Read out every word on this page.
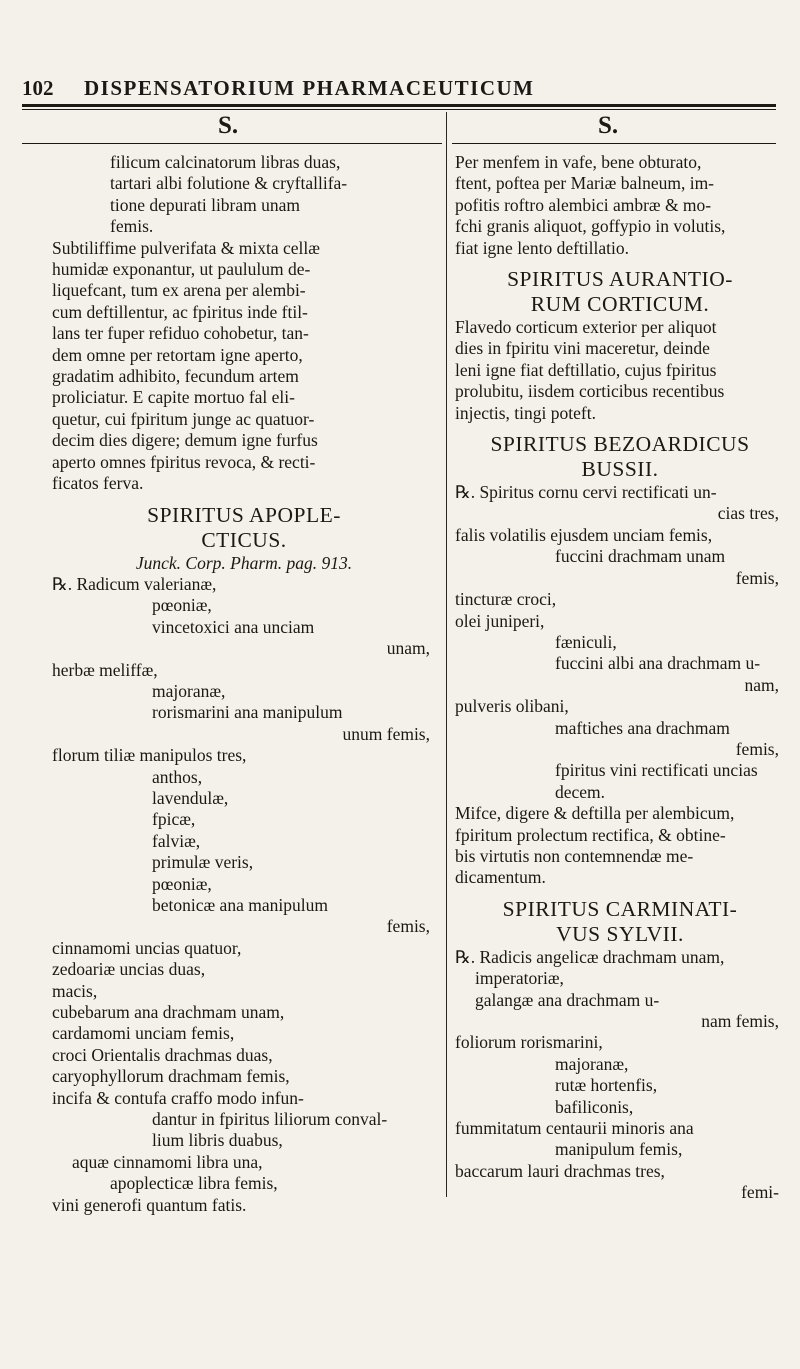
102 DISPENSATORIUM PHARMACEUTICUM
S.	S.

filicum calcinatorum libras duas,

tartari albi folutione & cryftallifa-

tione depurati libram unam

femis.

Subtiliffime pulverifata & mixta cellæ

humidæ exponantur, ut paululum de-

liquefcant, tum ex arena per alembi-

cum deftillentur, ac fpiritus inde ftil-

lans ter fuper refiduo cohobetur, tan-

dem omne per retortam igne aperto,

gradatim adhibito, fecundum artem

proliciatur. E capite mortuo fal eli-

quetur, cui fpiritum junge ac quatuor-

decim dies digere; demum igne furfus

aperto omnes fpiritus revoca, & recti-

ficatos ferva.

SPIRITUS APOPLE-

CTICUS.

Junck. Corp. Pharm. pag. 913.

℞. Radicum valerianæ,

pœoniæ,

vincetoxici ana unciam

unam,

herbæ meliffæ,

majoranæ,

rorismarini ana manipulum

unum femis,

florum tiliæ manipulos tres,

anthos,

lavendulæ,

fpicæ,

falviæ,

primulæ veris,

pœoniæ,

betonicæ ana manipulum

femis,

cinnamomi uncias quatuor,

zedoariæ uncias duas,

macis,

cubebarum ana drachmam unam,

cardamomi unciam femis,

croci Orientalis drachmas duas,

caryophyllorum drachmam femis,

incifa & contufa craffo modo infun-

dantur in fpiritus liliorum conval-

lium libris duabus,

aquæ cinnamomi libra una,

apoplecticæ libra femis,

vini generofi quantum fatis.

Per menfem in vafe, bene obturato,

ftent, poftea per Mariæ balneum, im-

pofitis roftro alembici ambræ & mo-

fchi granis aliquot, goffypio in volutis,

fiat igne lento deftillatio.

SPIRITUS AURANTIO-

RUM CORTICUM.

Flavedo corticum exterior per aliquot

dies in fpiritu vini maceretur, deinde

leni igne fiat deftillatio, cujus fpiritus

prolubitu, iisdem corticibus recentibus

injectis, tingi poteft.

SPIRITUS BEZOARDICUS

BUSSII.

℞. Spiritus cornu cervi rectificati un-

cias tres,

falis volatilis ejusdem unciam femis,

fuccini drachmam unam

femis,

tincturæ croci,

olei juniperi,

fæniculi,

fuccini albi ana drachmam u-

nam,

pulveris olibani,

maftiches ana drachmam

femis,

fpiritus vini rectificati uncias decem.

Mifce, digere & deftilla per alembicum,

fpiritum prolectum rectifica, & obtine-

bis virtutis non contemnendæ me-

dicamentum.

SPIRITUS CARMINATI-

VUS SYLVII.

℞. Radicis angelicæ drachmam unam,

imperatoriæ,

galangæ ana drachmam u-

nam femis,

foliorum rorismarini,

majoranæ,

rutæ hortenfis,

bafiliconis,

fummitatum centaurii minoris ana

manipulum femis,

baccarum lauri drachmas tres,

femi-
